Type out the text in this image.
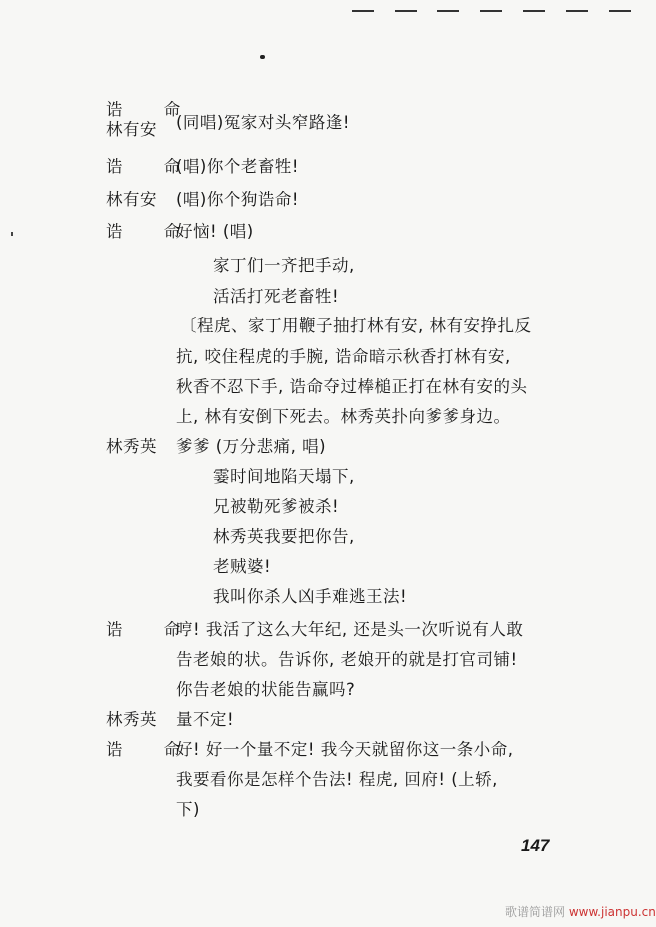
诰 命
林有安 (同唱)冤家对头窄路逢!
诰 命
(唱)你个老畜牲!
林有安 (唱)你个狗诰命!
诰 命
好恼! (唱)
家丁们一齐把手动,
活活打死老畜牲!
〔程虎、家丁用鞭子抽打林有安, 林有安挣扎反
抗, 咬住程虎的手腕, 诰命暗示秋香打林有安,
秋香不忍下手, 诰命夺过棒槌正打在林有安的头
上, 林有安倒下死去。林秀英扑向爹爹身边。
林秀英 爹爹 (万分悲痛, 唱)
霎时间地陷天塌下,
兄被勒死爹被杀!
林秀英我要把你告,
老贼婆!
我叫你杀人凶手难逃王法!
诰 命
哼! 我活了这么大年纪, 还是头一次听说有人敢
告老娘的状。告诉你, 老娘开的就是打官司铺!
你告老娘的状能告赢吗?
林秀英 量不定!
诰 命
好! 好一个量不定! 我今天就留你这一条小命,
我要看你是怎样个告法! 程虎, 回府! (上轿,
下)
147
歌谱简谱网 www.jianpu.cn
